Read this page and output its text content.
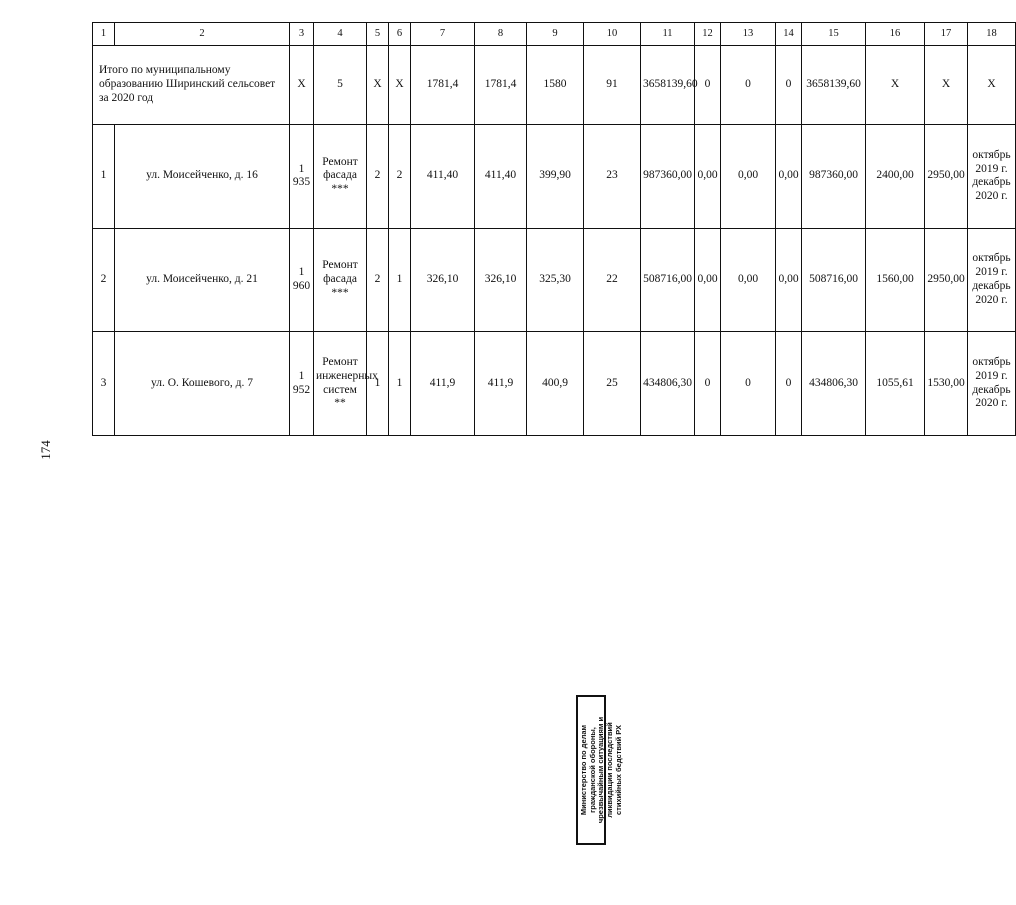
174
1	2	3	4	5	6	7	8	9	10	11	12	13	14	15	16	17	18
Итого по муниципальному образованию Ширинский сельсовет за 2020 год		X	5	X	X	1781,4	1781,4	1580	91	3658139,60	0	0	0	3658139,60	X	X	X
1	ул. Моисейченко, д. 16	1 935	Ремонт фасада ***	2	2	411,40	411,40	399,90	23	987360,00	0,00	0,00	0,00	987360,00	2400,00	2950,00	октябрь 2019 г. декабрь 2020 г.
2	ул. Моисейченко, д. 21	1 960	Ремонт фасада ***	2	1	326,10	326,10	325,30	22	508716,00	0,00	0,00	0,00	508716,00	1560,00	2950,00	октябрь 2019 г. декабрь 2020 г.
3	ул. О. Кошевого, д. 7	1 952	Ремонт инженерных систем **	1	1	411,9	411,9	400,9	25	434806,30	0	0	0	434806,30	1055,61	1530,00	октябрь 2019 г. декабрь 2020 г.
Министерство по делам гражданской обороны, чрезвычайным ситуациям и ликвидации последствий стихийных бедствий РХ
